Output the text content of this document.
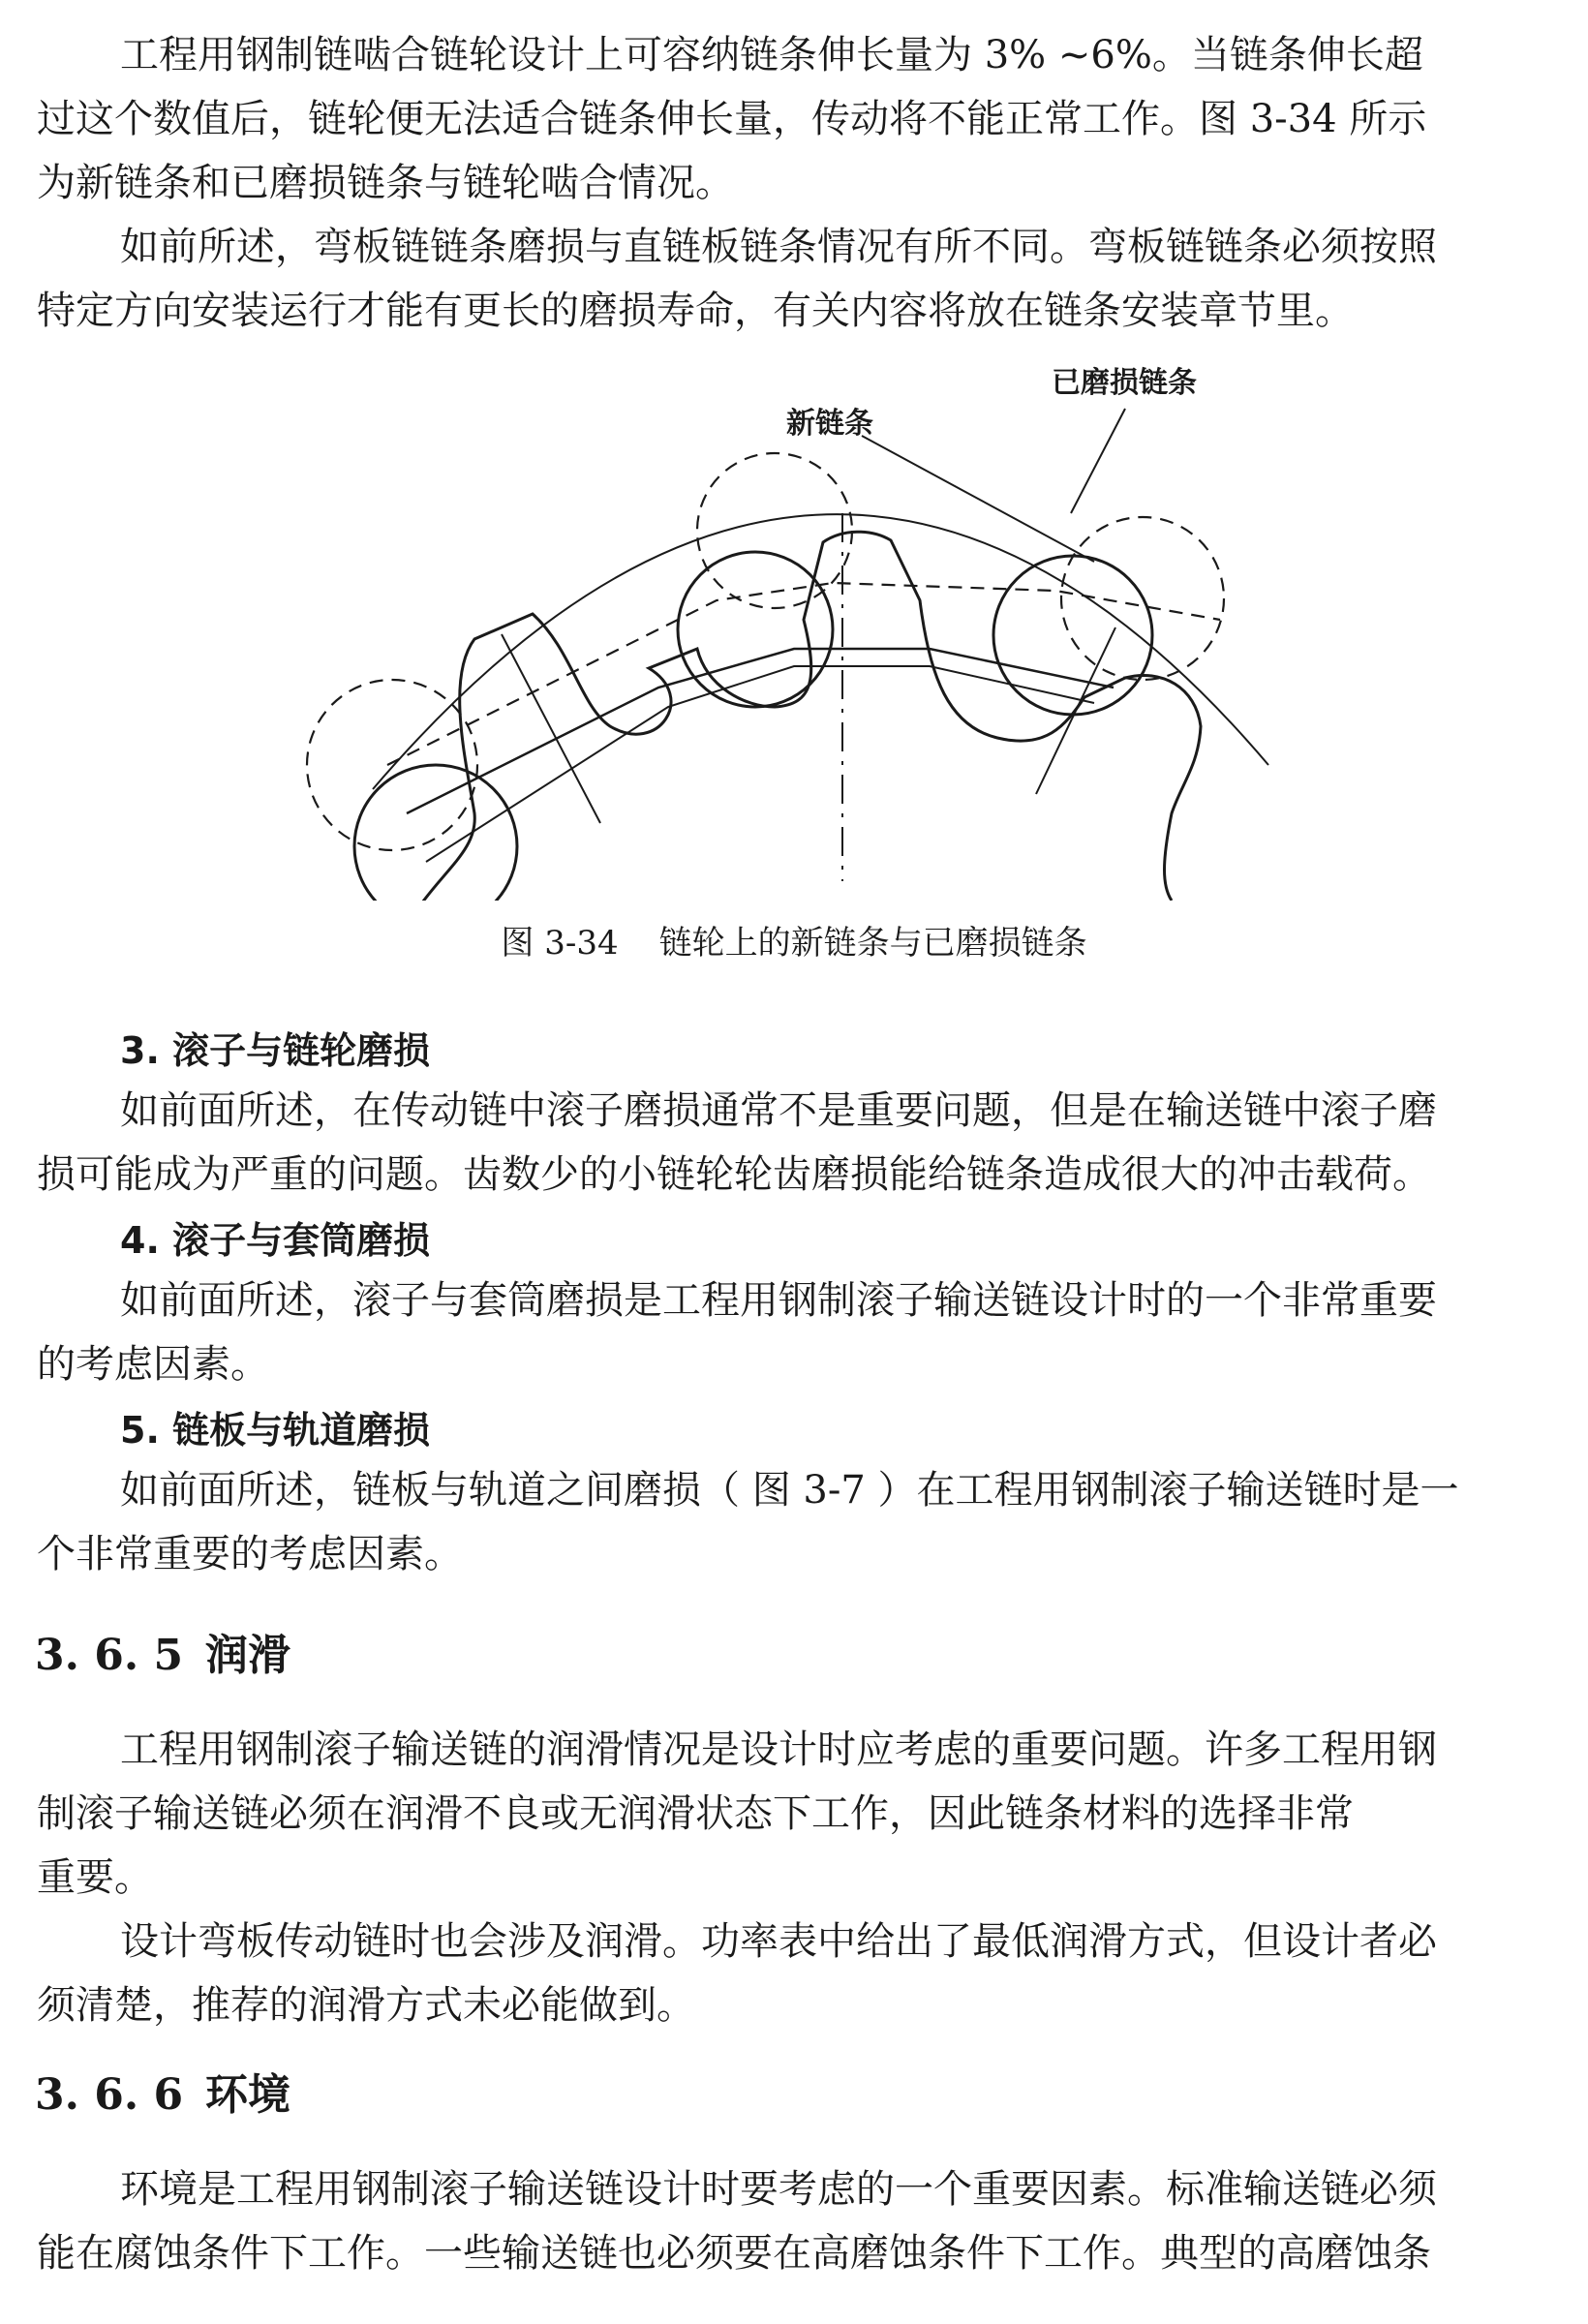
工程用钢制链啮合链轮设计上可容纳链条伸长量为 3% ~6%。当链条伸长超
过这个数值后，链轮便无法适合链条伸长量，传动将不能正常工作。图 3-34 所示
为新链条和已磨损链条与链轮啮合情况。

如前所述，弯板链链条磨损与直链板链条情况有所不同。弯板链链条必须按照
特定方向安装运行才能有更长的磨损寿命，有关内容将放在链条安装章节里。

新链条
已磨损链条
图 3-34 链轮上的新链条与已磨损链条
3. 滚子与链轮磨损

如前面所述，在传动链中滚子磨损通常不是重要问题，但是在输送链中滚子磨
损可能成为严重的问题。齿数少的小链轮轮齿磨损能给链条造成很大的冲击载荷。

4. 滚子与套筒磨损

如前面所述，滚子与套筒磨损是工程用钢制滚子输送链设计时的一个非常重要
的考虑因素。

5. 链板与轨道磨损

如前面所述，链板与轨道之间磨损（ 图 3-7 ）在工程用钢制滚子输送链时是一
个非常重要的考虑因素。

3. 6. 5 润滑

工程用钢制滚子输送链的润滑情况是设计时应考虑的重要问题。许多工程用钢
制滚子输送链必须在润滑不良或无润滑状态下工作，因此链条材料的选择非常
重要。

设计弯板传动链时也会涉及润滑。功率表中给出了最低润滑方式，但设计者必
须清楚，推荐的润滑方式未必能做到。

3. 6. 6 环境

环境是工程用钢制滚子输送链设计时要考虑的一个重要因素。标准输送链必须
能在腐蚀条件下工作。一些输送链也必须要在高磨蚀条件下工作。典型的高磨蚀条
